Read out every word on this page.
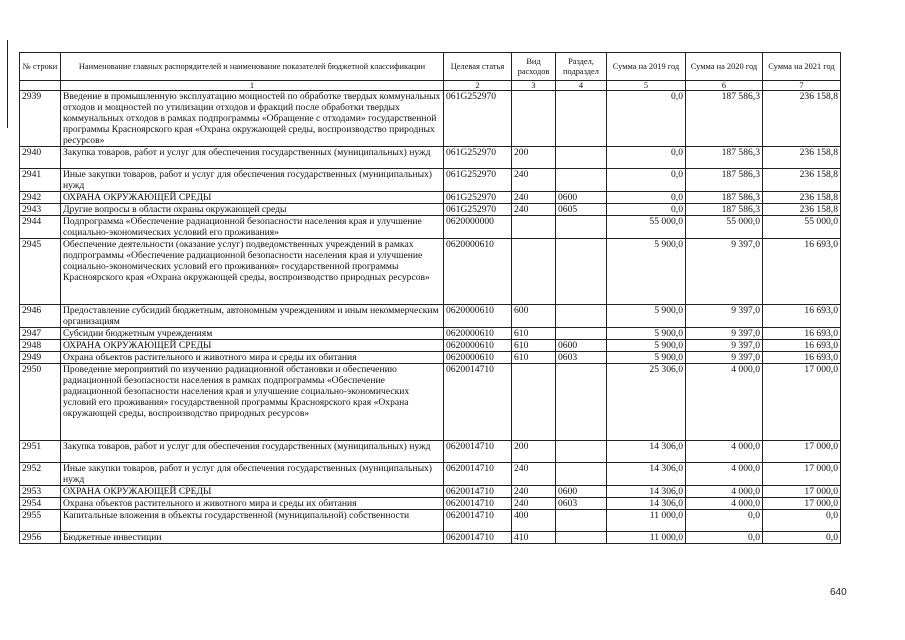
№ строки	Наименование главных распорядителей и наименование показателей бюджетной классификации	Целевая статья	Вид расходов	Раздел, подраздел	Сумма на 2019 год	Сумма на 2020 год	Сумма на 2021 год
	1	2	3	4	5	6	7
2939	Введение в промышленную эксплуатацию мощностей по обработке твердых коммунальных отходов и мощностей по утилизации отходов и фракций после обработки твердых коммунальных отходов в рамках подпрограммы «Обращение с отходами» государственной программы Красноярского края «Охрана окружающей среды, воспроизводство природных ресурсов»	061G252970			0,0	187 586,3	236 158,8
2940	Закупка товаров, работ и услуг для обеспечения государственных (муниципальных) нужд	061G252970	200		0,0	187 586,3	236 158,8
2941	Иные закупки товаров, работ и услуг для обеспечения государственных (муниципальных) нужд	061G252970	240		0,0	187 586,3	236 158,8
2942	ОХРАНА ОКРУЖАЮЩЕЙ СРЕДЫ	061G252970	240	0600	0,0	187 586,3	236 158,8
2943	Другие вопросы в области охраны окружающей среды	061G252970	240	0605	0,0	187 586,3	236 158,8
2944	Подпрограмма «Обеспечение радиационной безопасности населения края и улучшение социально-экономических условий его проживания»	0620000000			55 000,0	55 000,0	55 000,0
2945	Обеспечение деятельности (оказание услуг) подведомственных учреждений в рамках подпрограммы «Обеспечение радиационной безопасности населения края и улучшение социально-экономических условий его проживания» государственной программы Красноярского края «Охрана окружающей среды, воспроизводство природных ресурсов»	0620000610			5 900,0	9 397,0	16 693,0
2946	Предоставление субсидий бюджетным, автономным учреждениям и иным некоммерческим организациям	0620000610	600		5 900,0	9 397,0	16 693,0
2947	Субсидии бюджетным учреждениям	0620000610	610		5 900,0	9 397,0	16 693,0
2948	ОХРАНА ОКРУЖАЮЩЕЙ СРЕДЫ	0620000610	610	0600	5 900,0	9 397,0	16 693,0
2949	Охрана объектов растительного и животного мира и среды их обитания	0620000610	610	0603	5 900,0	9 397,0	16 693,0
2950	Проведение мероприятий по изучению радиационной обстановки и обеспечению радиационной безопасности населения в рамках подпрограммы «Обеспечение радиационной безопасности населения края и улучшение социально-экономических условий его проживания» государственной программы Красноярского края «Охрана окружающей среды, воспроизводство природных ресурсов»	0620014710			25 306,0	4 000,0	17 000,0
2951	Закупка товаров, работ и услуг для обеспечения государственных (муниципальных) нужд	0620014710	200		14 306,0	4 000,0	17 000,0
2952	Иные закупки товаров, работ и услуг для обеспечения государственных (муниципальных) нужд	0620014710	240		14 306,0	4 000,0	17 000,0
2953	ОХРАНА ОКРУЖАЮЩЕЙ СРЕДЫ	0620014710	240	0600	14 306,0	4 000,0	17 000,0
2954	Охрана объектов растительного и животного мира и среды их обитания	0620014710	240	0603	14 306,0	4 000,0	17 000,0
2955	Капитальные вложения в объекты государственной (муниципальной) собственности	0620014710	400		11 000,0	0,0	0,0
2956	Бюджетные инвестиции	0620014710	410		11 000,0	0,0	0,0
640
